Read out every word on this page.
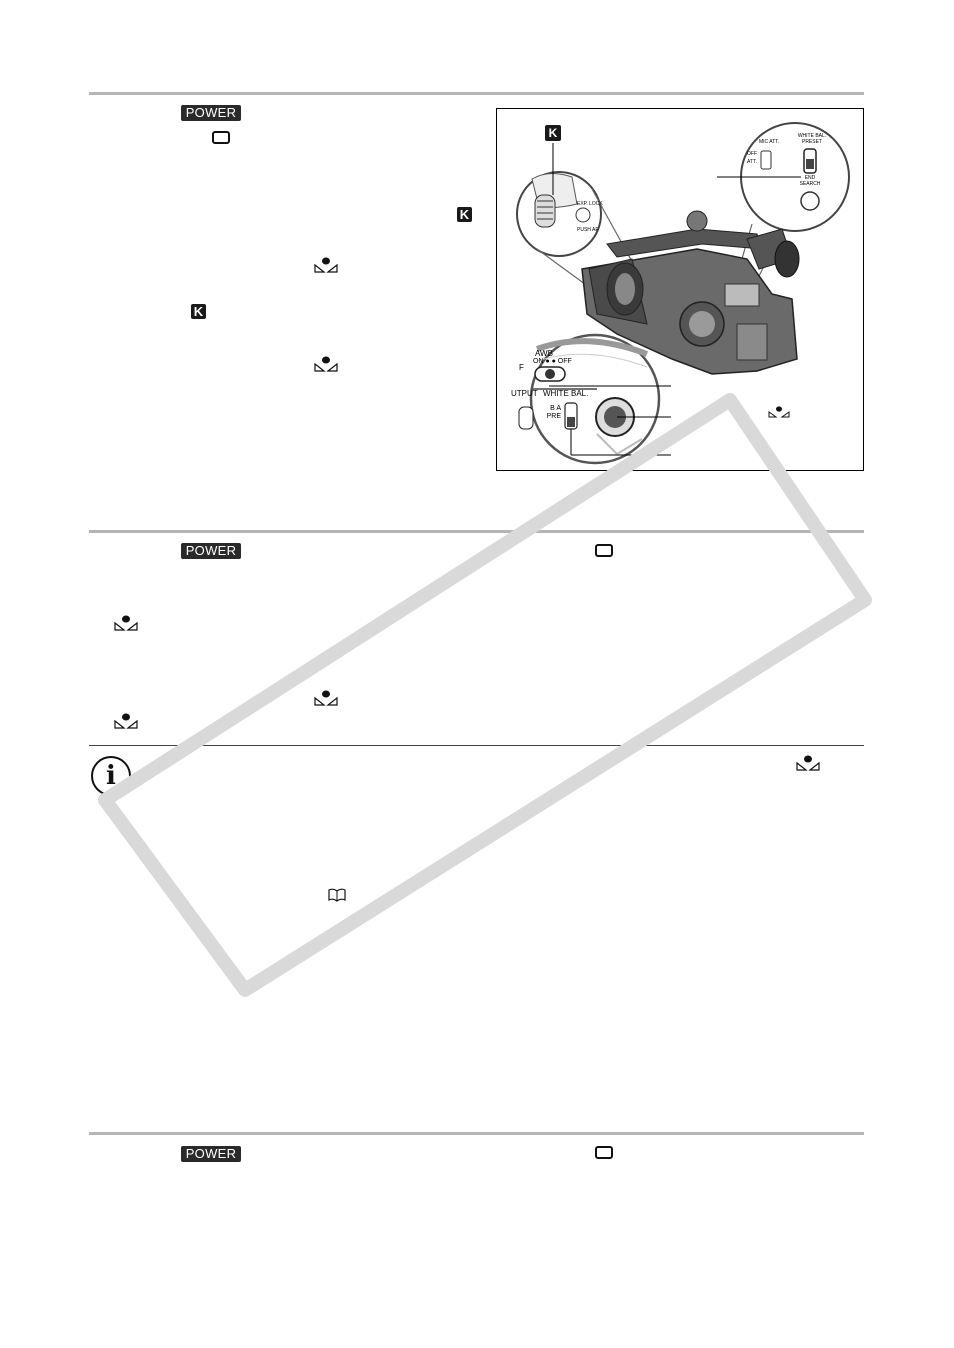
POWER
K
K
K
MIC ATT.
OFF
ATT.
WHITE BAL. PRESET
END SEARCH
EXP. LOCK
PUSH AF
AWB
ON ● ● OFF
UTPUT WHITE BAL.
B A PRE
F
POWER
i
POWER
